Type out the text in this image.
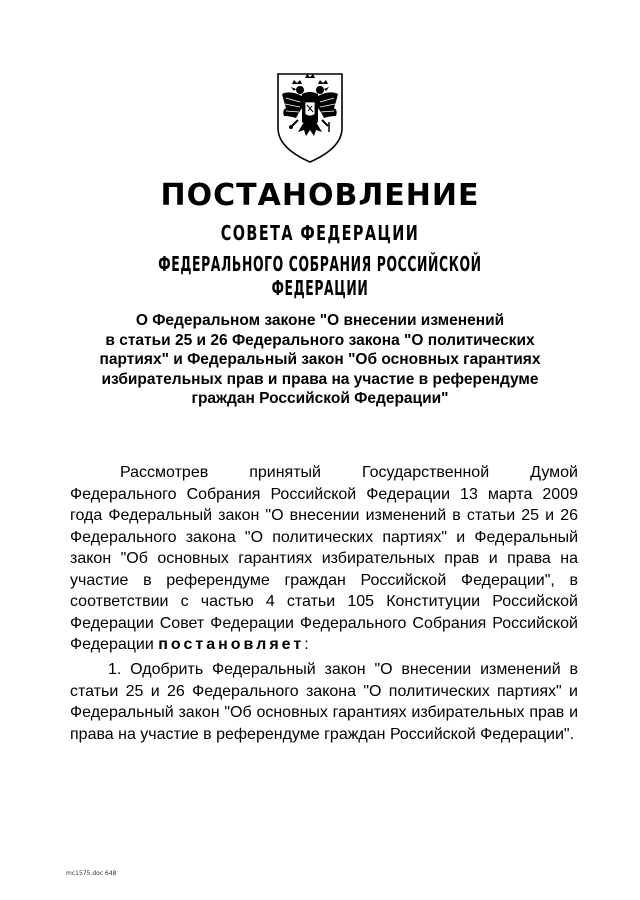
ПОСТАНОВЛЕНИЕ
СОВЕТА ФЕДЕРАЦИИ
ФЕДЕРАЛЬНОГО СОБРАНИЯ РОССИЙСКОЙ ФЕДЕРАЦИИ
О Федеральном законе "О внесении изменений
в статьи 25 и 26 Федерального закона "О политических
партиях" и Федеральный закон "Об основных гарантиях
избирательных прав и права на участие в референдуме
граждан Российской Федерации"
Рассмотрев принятый Государственной Думой Федерального Собрания Российской Федерации 13 марта 2009 года Федеральный закон "О внесении изменений в статьи 25 и 26 Федерального закона "О политических партиях" и Федеральный закон "Об основных гарантиях избирательных прав и права на участие в референдуме граждан Российской Федерации", в соответствии с частью 4 статьи 105 Конституции Российской Федерации Совет Федерации Федерального Собрания Российской Федерации постановляет:
1. Одобрить Федеральный закон "О внесении изменений в статьи 25 и 26 Федерального закона "О политических партиях" и Федеральный закон "Об основных гарантиях избирательных прав и права на участие в референдуме граждан Российской Федерации".
mc1575.doc 648
